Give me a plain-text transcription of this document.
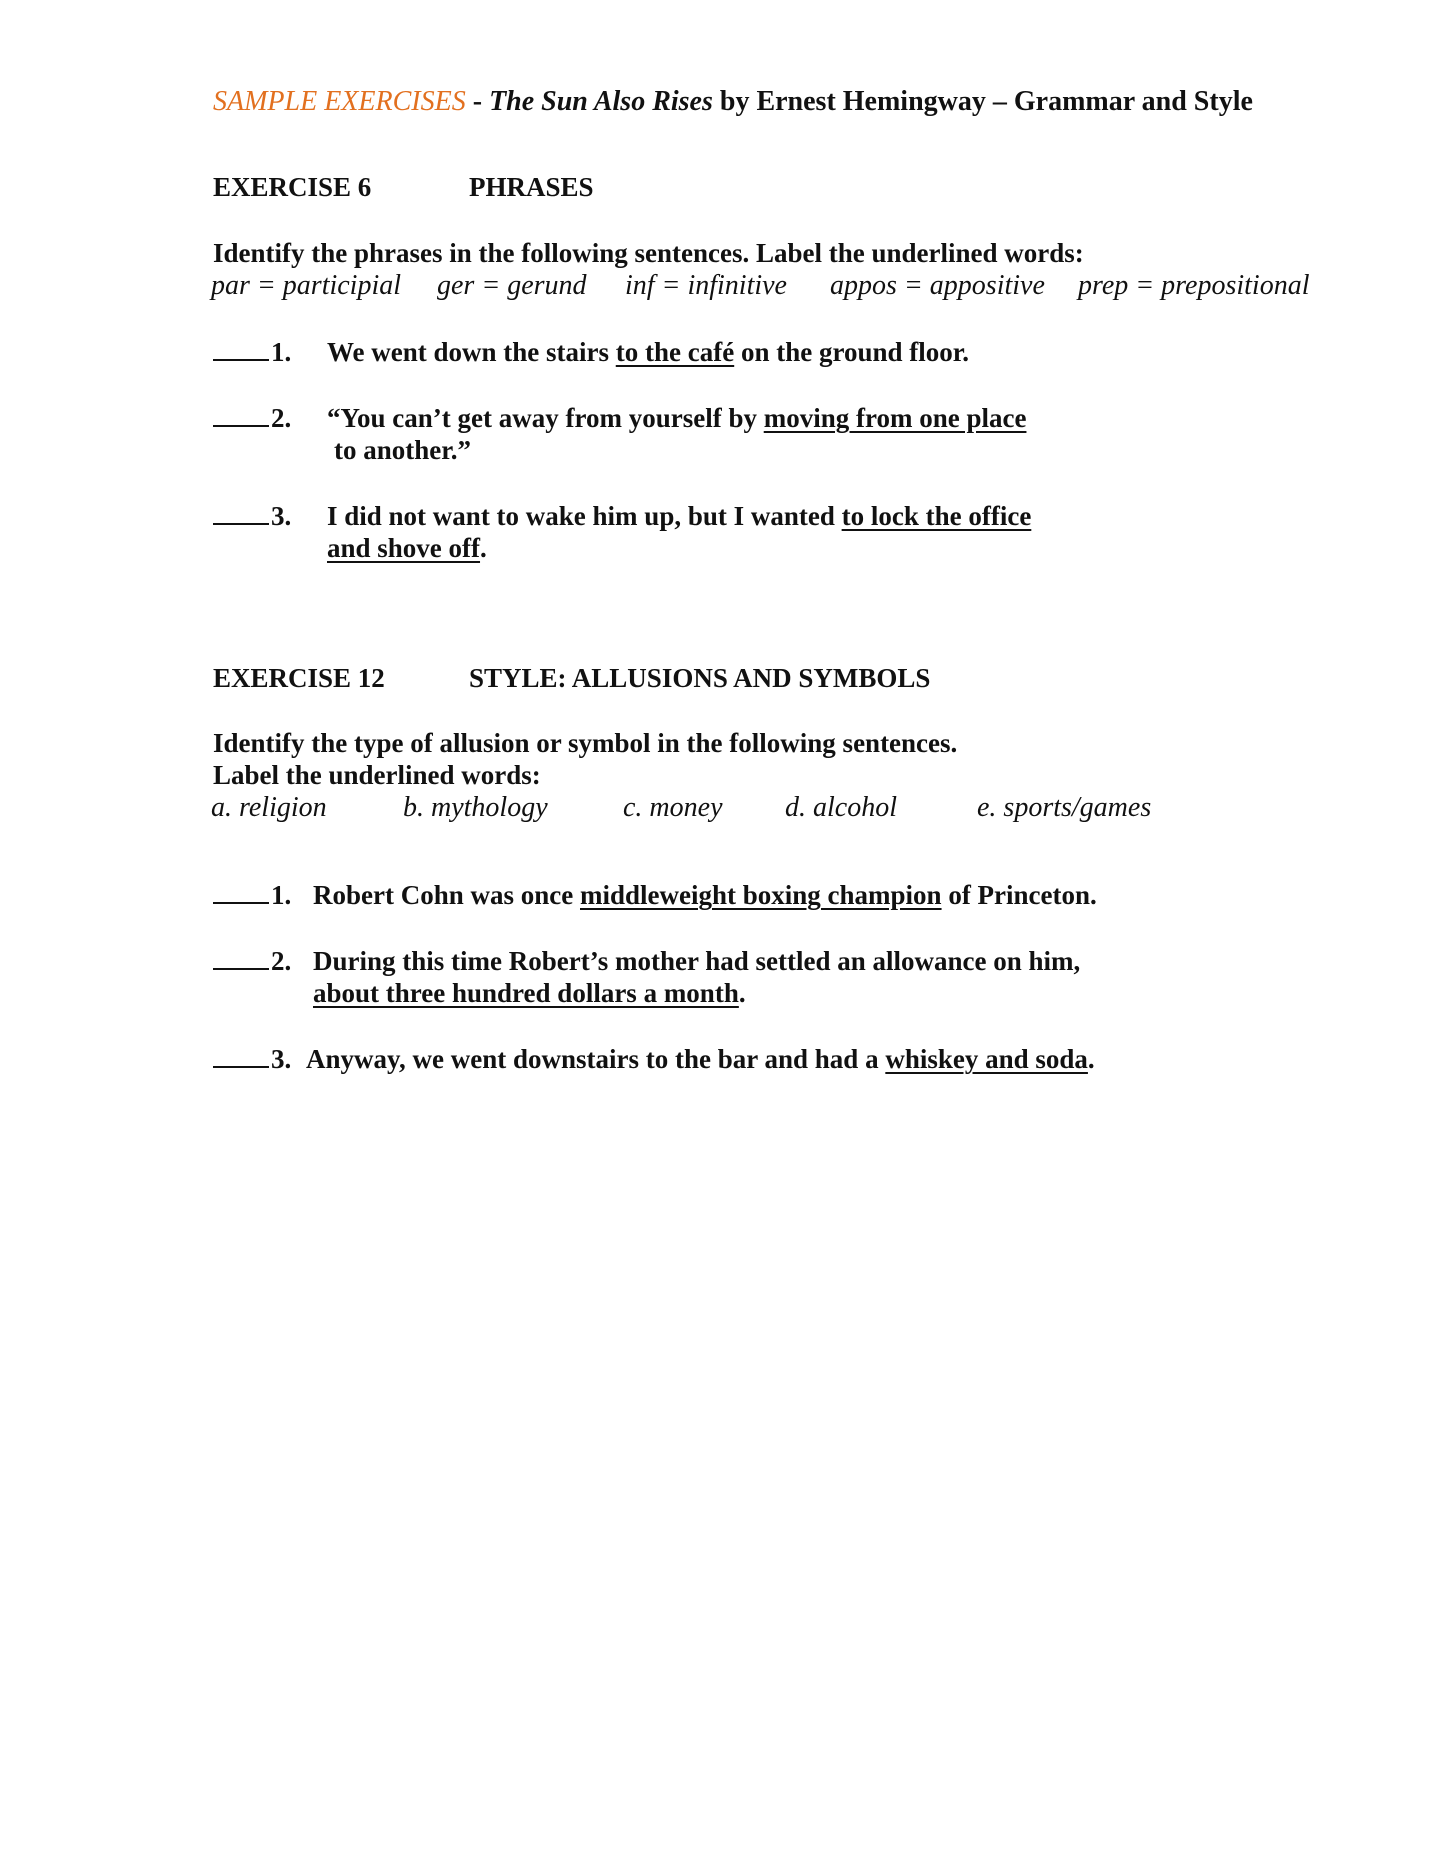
SAMPLE EXERCISES - The Sun Also Rises by Ernest Hemingway – Grammar and Style
EXERCISE 6	PHRASES
Identify the phrases in the following sentences. Label the underlined words:
par = participial ger = gerund inf = infinitive appos = appositive prep = prepositional
1. We went down the stairs to the café on the ground floor.
2. “You can’t get away from yourself by moving from one place
to another.”
3. I did not want to wake him up, but I wanted to lock the office
and shove off.
EXERCISE 12	STYLE: ALLUSIONS AND SYMBOLS
Identify the type of allusion or symbol in the following sentences.
Label the underlined words:
a. religion	b. mythology	c. money d. alcohol	e. sports/games
1. Robert Cohn was once middleweight boxing champion of Princeton.
2. During this time Robert’s mother had settled an allowance on him,
about three hundred dollars a month.
3. Anyway, we went downstairs to the bar and had a whiskey and soda.
